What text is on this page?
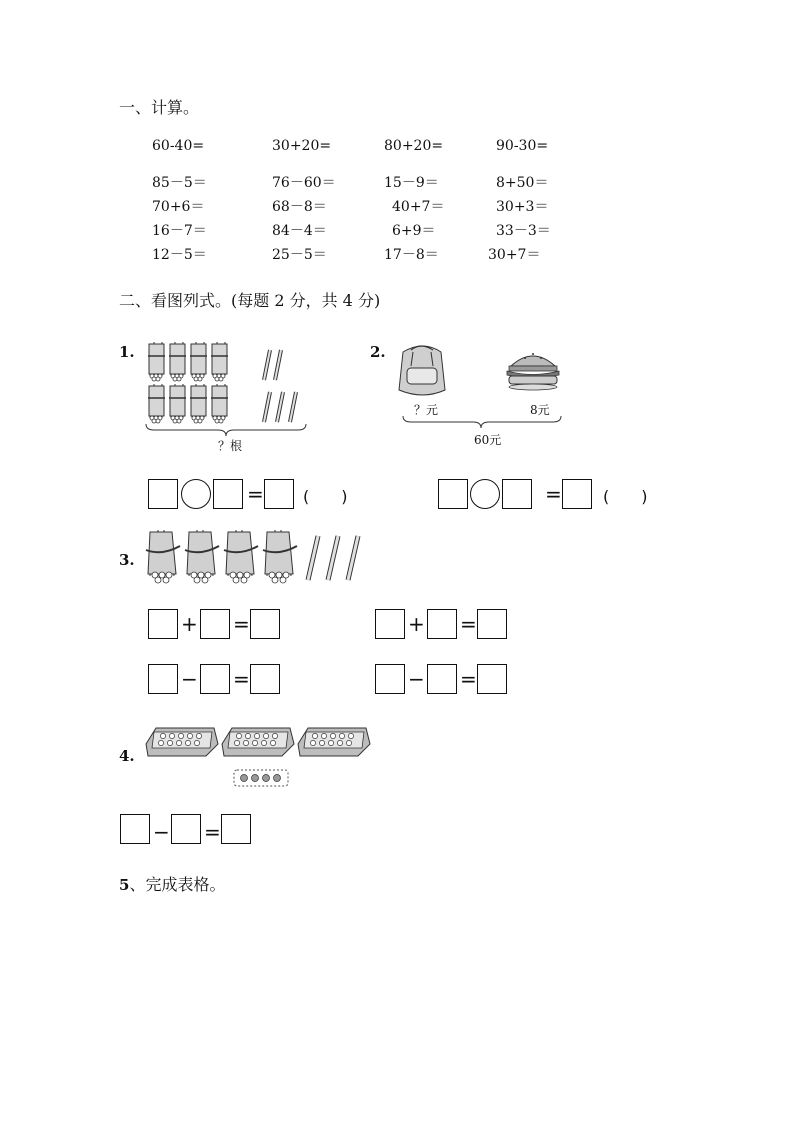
一、计算。
60-40=	30+20=	80+20=	90-30=
85－5＝	76－60＝	15－9＝	8+50＝
70+6＝	68－8＝	40+7＝	30+3＝
16－7＝	84－4＝	6+9＝	33－3＝
12－5＝	25－5＝	17－8＝	30+7＝
二、看图列式。(每题 2 分，共 4 分)
1.
？根
= (　　)
2.
？元	8元
60元
=	(　　)
3.
+ =	+ =
− =	− =
4.
− =
5、完成表格。
